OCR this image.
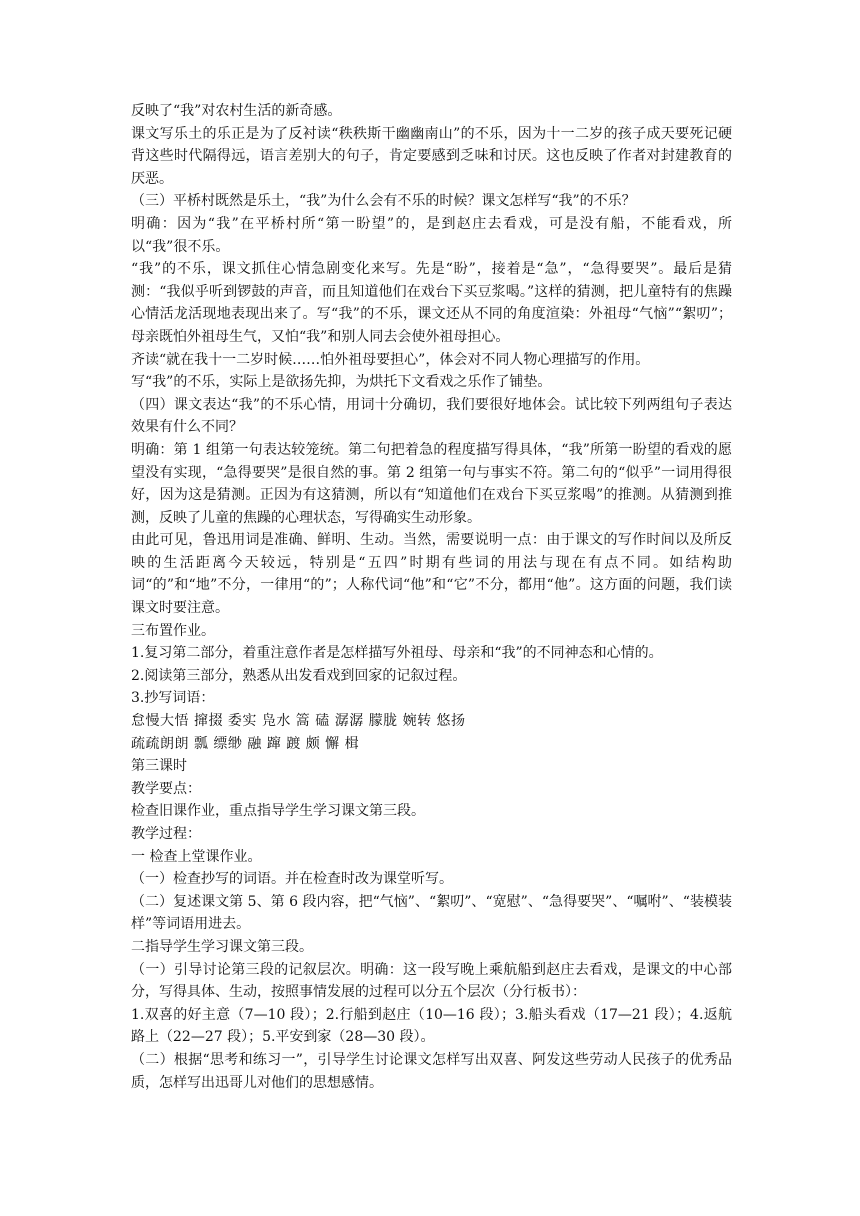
反映了“我”对农村生活的新奇感。

课文写乐土的乐正是为了反衬读“秩秩斯干幽幽南山”的不乐，因为十一二岁的孩子成天要死记硬背这些时代隔得远，语言差别大的句子，肯定要感到乏味和讨厌。这也反映了作者对封建教育的厌恶。

（三）平桥村既然是乐土，“我”为什么会有不乐的时候？课文怎样写“我”的不乐？

明确：因为“我”在平桥村所“第一盼望”的，是到赵庄去看戏，可是没有船，不能看戏，所以“我”很不乐。

“我”的不乐，课文抓住心情急剧变化来写。先是“盼”，接着是“急”，“急得要哭”。最后是猜测：“我似乎听到锣鼓的声音，而且知道他们在戏台下买豆浆喝。”这样的猜测，把儿童特有的焦躁心情活龙活现地表现出来了。写“我”的不乐，课文还从不同的角度渲染：外祖母“气恼”“絮叨”；母亲既怕外祖母生气，又怕“我”和别人同去会使外祖母担心。

齐读“就在我十一二岁时候……怕外祖母要担心”，体会对不同人物心理描写的作用。

写“我”的不乐，实际上是欲扬先抑，为烘托下文看戏之乐作了铺垫。

（四）课文表达“我”的不乐心情，用词十分确切，我们要很好地体会。试比较下列两组句子表达效果有什么不同？

明确：第 1 组第一句表达较笼统。第二句把着急的程度描写得具体，“我”所第一盼望的看戏的愿望没有实现，“急得要哭”是很自然的事。第 2 组第一句与事实不符。第二句的“似乎”一词用得很好，因为这是猜测。正因为有这猜测，所以有“知道他们在戏台下买豆浆喝”的推测。从猜测到推测，反映了儿童的焦躁的心理状态，写得确实生动形象。

由此可见，鲁迅用词是准确、鲜明、生动。当然，需要说明一点：由于课文的写作时间以及所反映的生活距离今天较远，特别是“五四”时期有些词的用法与现在有点不同。如结构助词“的”和“地”不分，一律用“的”；人称代词“他”和“它”不分，都用“他”。这方面的问题，我们读课文时要注意。

三布置作业。

1.复习第二部分，着重注意作者是怎样描写外祖母、母亲和“我”的不同神态和心情的。

2.阅读第三部分，熟悉从出发看戏到回家的记叙过程。

3.抄写词语：

怠慢大悟 撺掇 委实 凫水 篙 磕 潺潺 朦胧 婉转 悠扬

疏疏朗朗 瓢 缥缈 融 蹿 踱 颇 懈 楫

第三课时

教学要点：

检查旧课作业，重点指导学生学习课文第三段。

教学过程：

一 检查上堂课作业。

（一）检查抄写的词语。并在检查时改为课堂听写。

（二）复述课文第 5、第 6 段内容，把“气恼”、“絮叨”、“宽慰”、“急得要哭”、“嘱咐”、“装模装样”等词语用进去。

二指导学生学习课文第三段。

（一）引导讨论第三段的记叙层次。明确：这一段写晚上乘航船到赵庄去看戏，是课文的中心部分，写得具体、生动，按照事情发展的过程可以分五个层次（分行板书）：

1.双喜的好主意（7—10 段）；2.行船到赵庄（10—16 段）；3.船头看戏（17—21 段）；4.返航路上（22—27 段）；5.平安到家（28—30 段）。

（二）根据“思考和练习一”，引导学生讨论课文怎样写出双喜、阿发这些劳动人民孩子的优秀品质，怎样写出迅哥儿对他们的思想感情。
